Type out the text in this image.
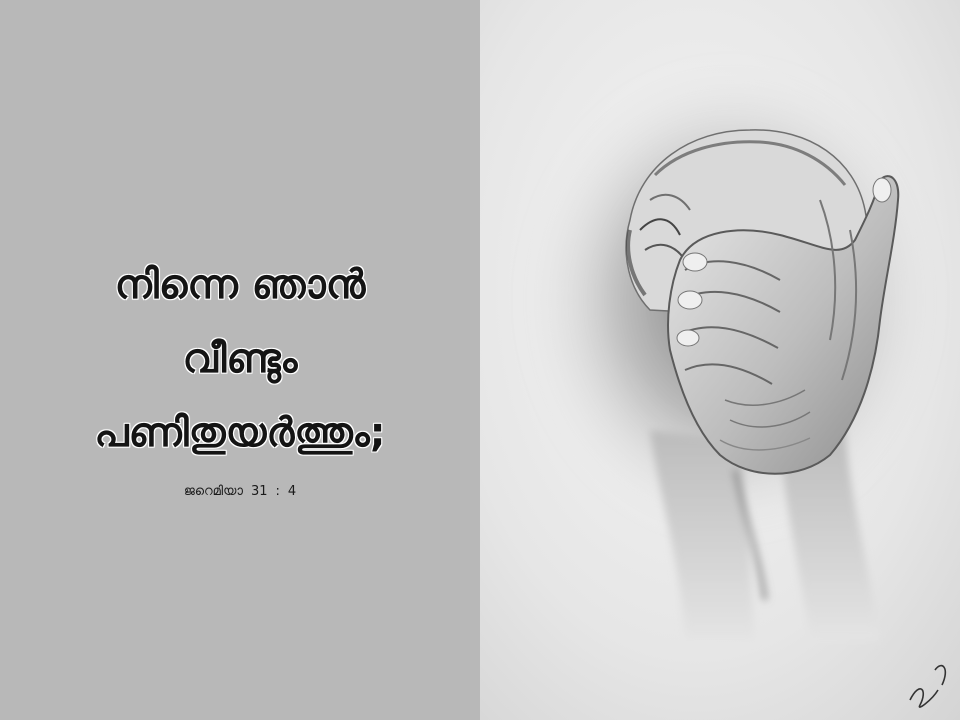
നിന്നെ ഞാൻ
വീണ്ടും
പണിതുയർത്തും;
ജറെമിയാ 31 : 4
